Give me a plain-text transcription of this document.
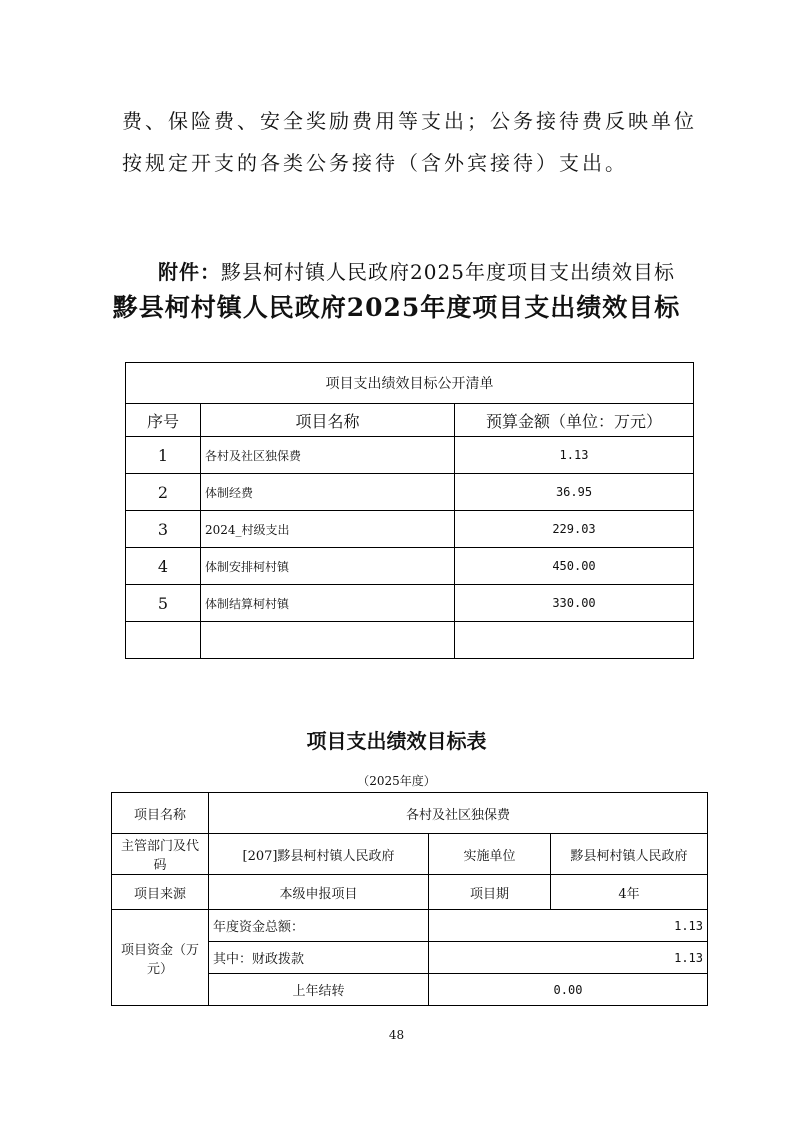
费、保险费、安全奖励费用等支出；公务接待费反映单位按规定开支的各类公务接待（含外宾接待）支出。
附件：黟县柯村镇人民政府2025年度项目支出绩效目标
黟县柯村镇人民政府2025年度项目支出绩效目标
项目支出绩效目标公开清单		
序号	项目名称	预算金额（单位：万元）
1	各村及社区独保费	1.13
2	体制经费	36.95
3	2024_村级支出	229.03
4	体制安排柯村镇	450.00
5	体制结算柯村镇	330.00

项目支出绩效目标表
（2025年度）
项目名称	各村及社区独保费		
主管部门及代码	[207]黟县柯村镇人民政府	实施单位	黟县柯村镇人民政府
项目来源	本级申报项目	项目期	4年
项目资金（万元）	年度资金总额：	1.13	
	其中：财政拨款	1.13	
	上年结转	0.00	
48
